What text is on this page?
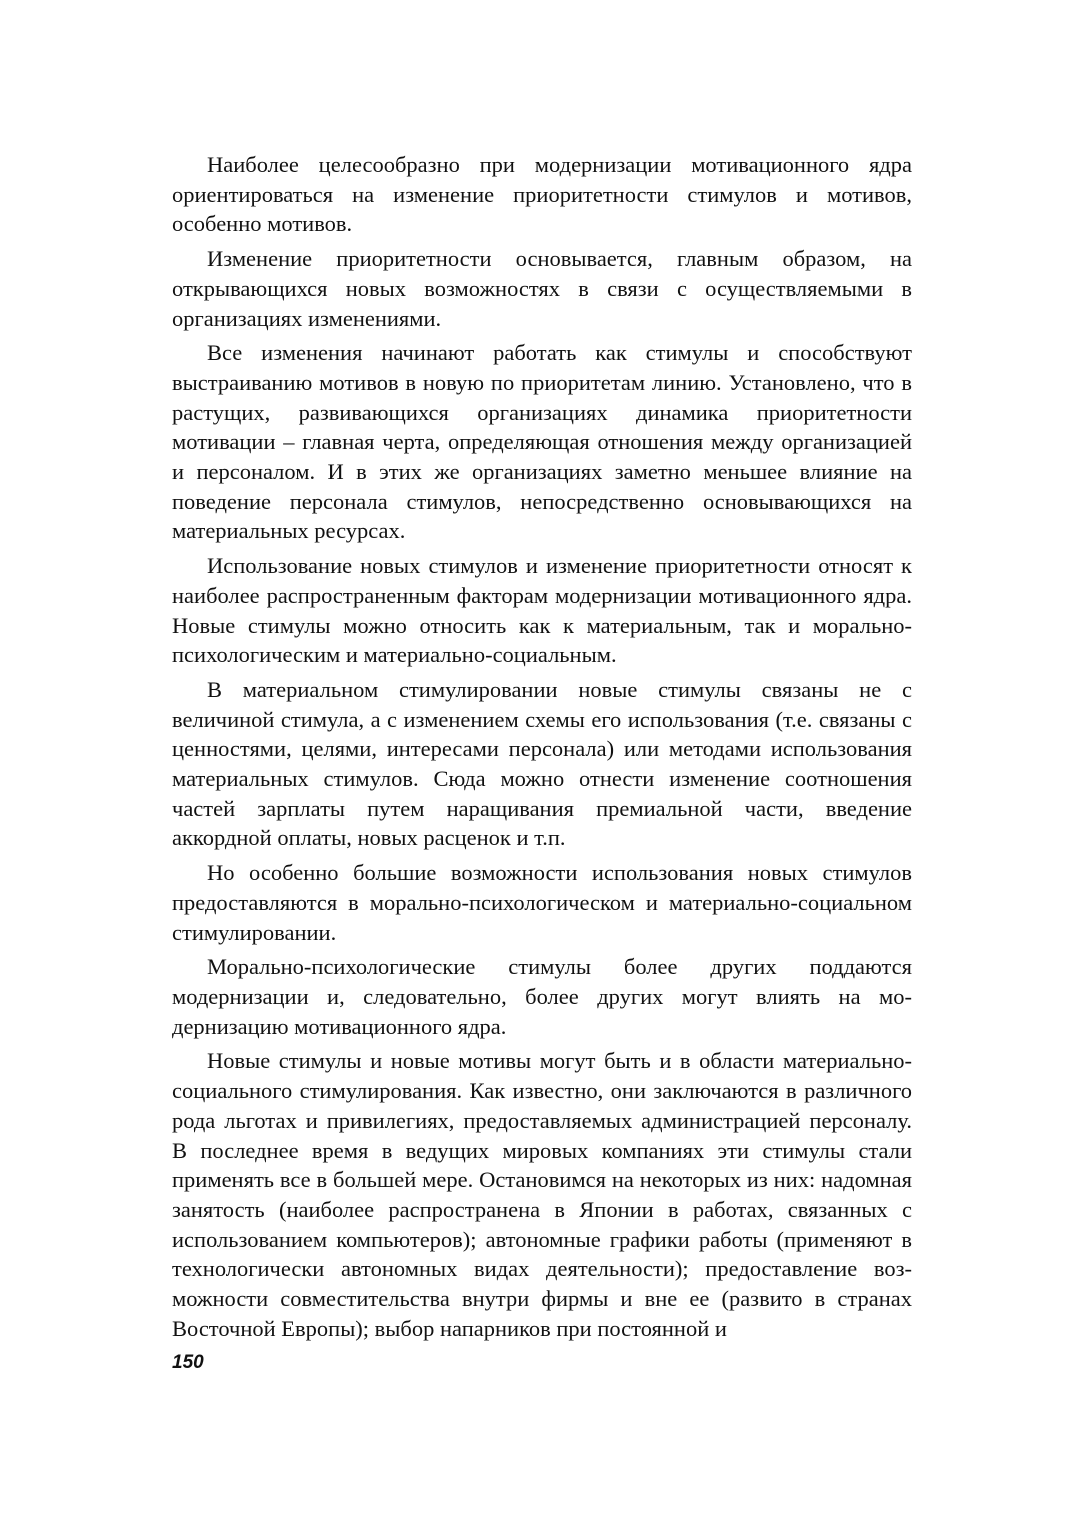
Наиболее целесообразно при модернизации мотивационного ядра ориентироваться на изменение приоритетности стимулов и мотивов, особенно мотивов.

Изменение приоритетности основывается, главным образом, на открывающихся новых возможностях в связи с осуществляемыми в организациях изменениями.

Все изменения начинают работать как стимулы и способствуют выстраиванию мотивов в новую по приоритетам линию. Установлено, что в растущих, развивающихся организациях динамика приоритетности мотивации – главная черта, определяющая отношения между организацией и персоналом. И в этих же организациях заметно меньшее влияние на поведение персонала стимулов, непосредственно основывающихся на материальных ресурсах.

Использование новых стимулов и изменение приоритетности относят к наиболее распространенным факторам модернизации мотивационного ядра. Новые стимулы можно относить как к материальным, так и морально-психологическим и материально-социальным.

В материальном стимулировании новые стимулы связаны не с величиной стимула, а с изменением схемы его использования (т.е. связаны с ценностями, целями, интересами персонала) или методами использования материальных стимулов. Сюда можно отнести изменение соотношения частей зарплаты путем наращивания премиальной части, введение аккордной оплаты, новых расценок и т.п.

Но особенно большие возможности использования новых стимулов предоставляются в морально-психологическом и материально-социальном стимулировании.

Морально-психологические стимулы более других поддаются модернизации и, следовательно, более других могут влиять на модернизацию мотивационного ядра.

Новые стимулы и новые мотивы могут быть и в области материально-социального стимулирования. Как известно, они заключаются в различного рода льготах и привилегиях, предоставляемых администрацией персоналу. В последнее время в ведущих мировых компаниях эти стимулы стали применять все в большей мере. Остановимся на некоторых из них: надомная занятость (наиболее распространена в Японии в работах, связанных с использованием компьютеров); автономные графики работы (применяют в технологически автономных видах деятельности); предоставление возможности совместительства внутри фирмы и вне ее (развито в странах Восточной Европы); выбор напарников при постоянной и

150
